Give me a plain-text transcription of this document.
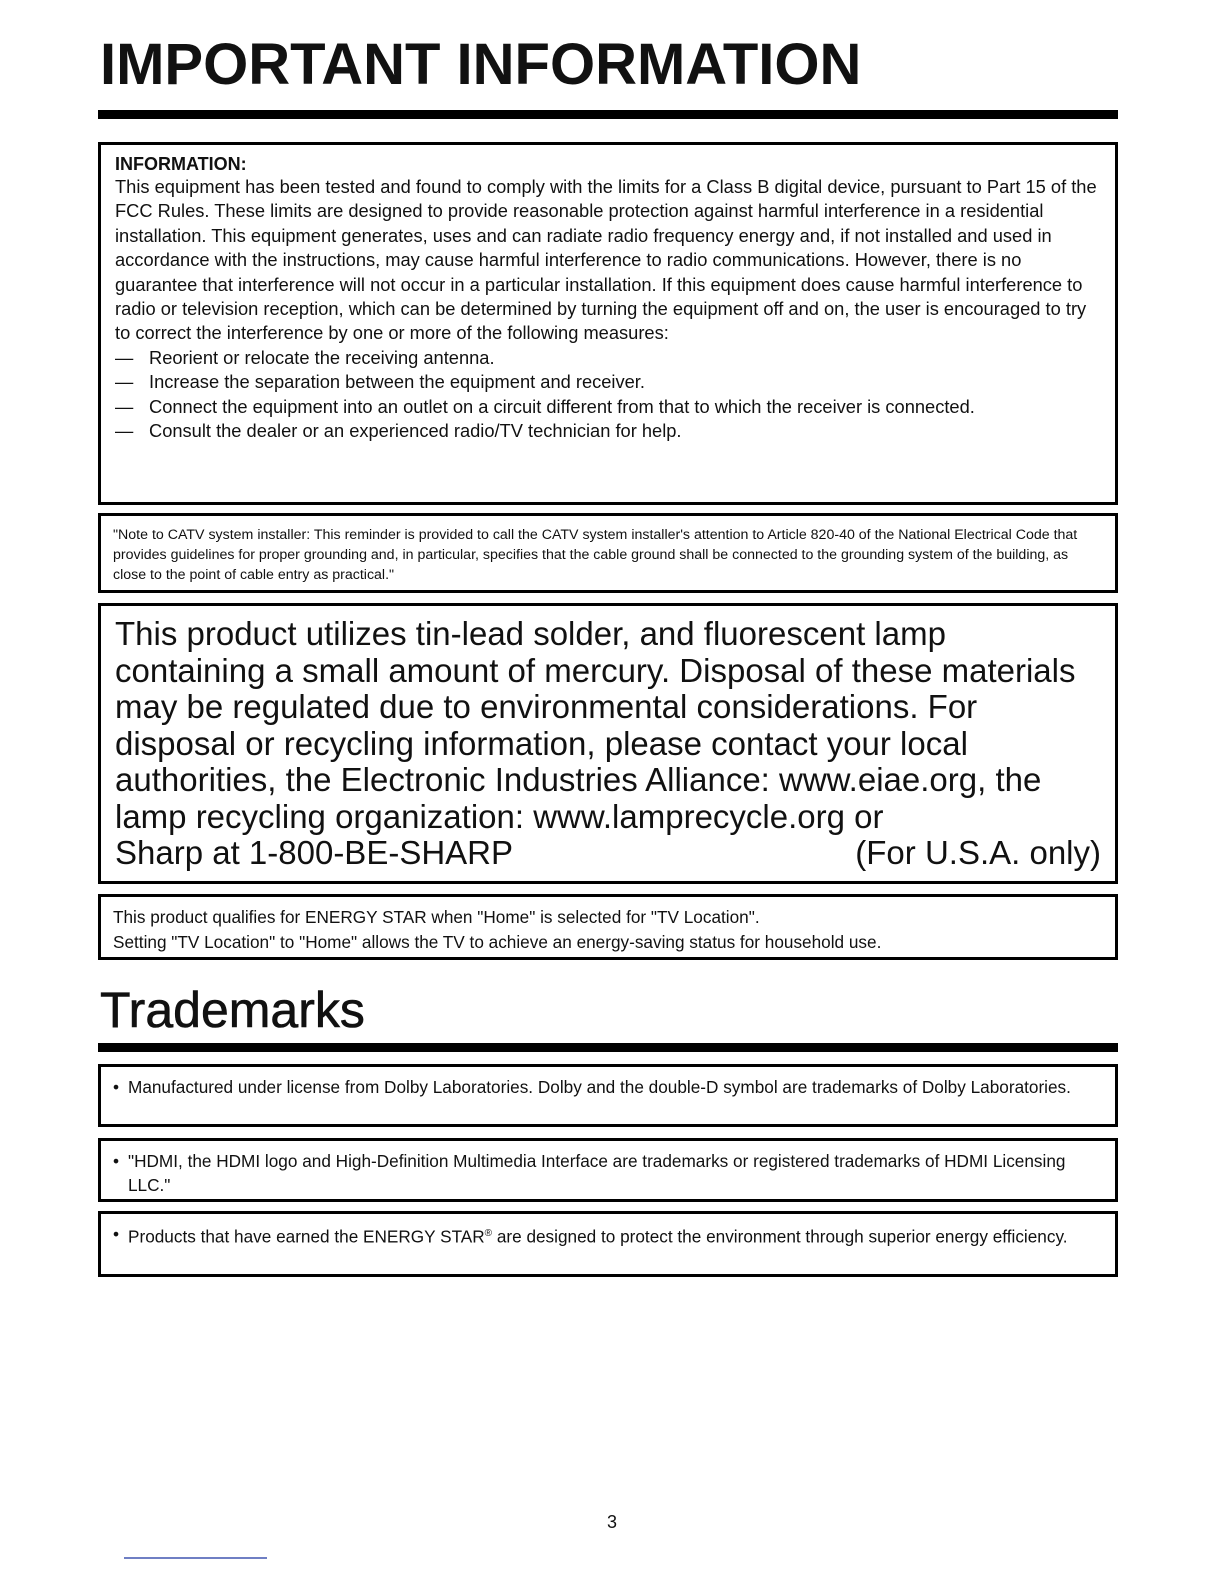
IMPORTANT INFORMATION

INFORMATION:

This equipment has been tested and found to comply with the limits for a Class B digital device, pursuant to Part 15 of the FCC Rules. These limits are designed to provide reasonable protection against harmful interference in a residential installation. This equipment generates, uses and can radiate radio frequency energy and, if not installed and used in accordance with the instructions, may cause harmful interference to radio communications. However, there is no guarantee that interference will not occur in a particular installation. If this equipment does cause harmful interference to radio or television reception, which can be determined by turning the equipment off and on, the user is encouraged to try to correct the interference by one or more of the following measures:

— Reorient or relocate the receiving antenna.
— Increase the separation between the equipment and receiver.
— Connect the equipment into an outlet on a circuit different from that to which the receiver is connected.
— Consult the dealer or an experienced radio/TV technician for help.

"Note to CATV system installer: This reminder is provided to call the CATV system installer's attention to Article 820-40 of the National Electrical Code that provides guidelines for proper grounding and, in particular, specifies that the cable ground shall be connected to the grounding system of the building, as close to the point of cable entry as practical."

This product utilizes tin-lead solder, and fluorescent lamp containing a small amount of mercury. Disposal of these materials may be regulated due to environmental considerations. For disposal or recycling information, please contact your local authorities, the Electronic Industries Alliance: www.eiae.org, the lamp recycling organization: www.lamprecycle.org or

Sharp at 1-800-BE-SHARP	(For U.S.A. only)

This product qualifies for ENERGY STAR when "Home" is selected for "TV Location".

Setting "TV Location" to "Home" allows the TV to achieve an energy-saving status for household use.

Trademarks

• Manufactured under license from Dolby Laboratories. Dolby and the double-D symbol are trademarks of Dolby Laboratories.

• "HDMI, the HDMI logo and High-Definition Multimedia Interface are trademarks or registered trademarks of HDMI Licensing LLC."

• Products that have earned the ENERGY STAR® are designed to protect the environment through superior energy efficiency.

3
